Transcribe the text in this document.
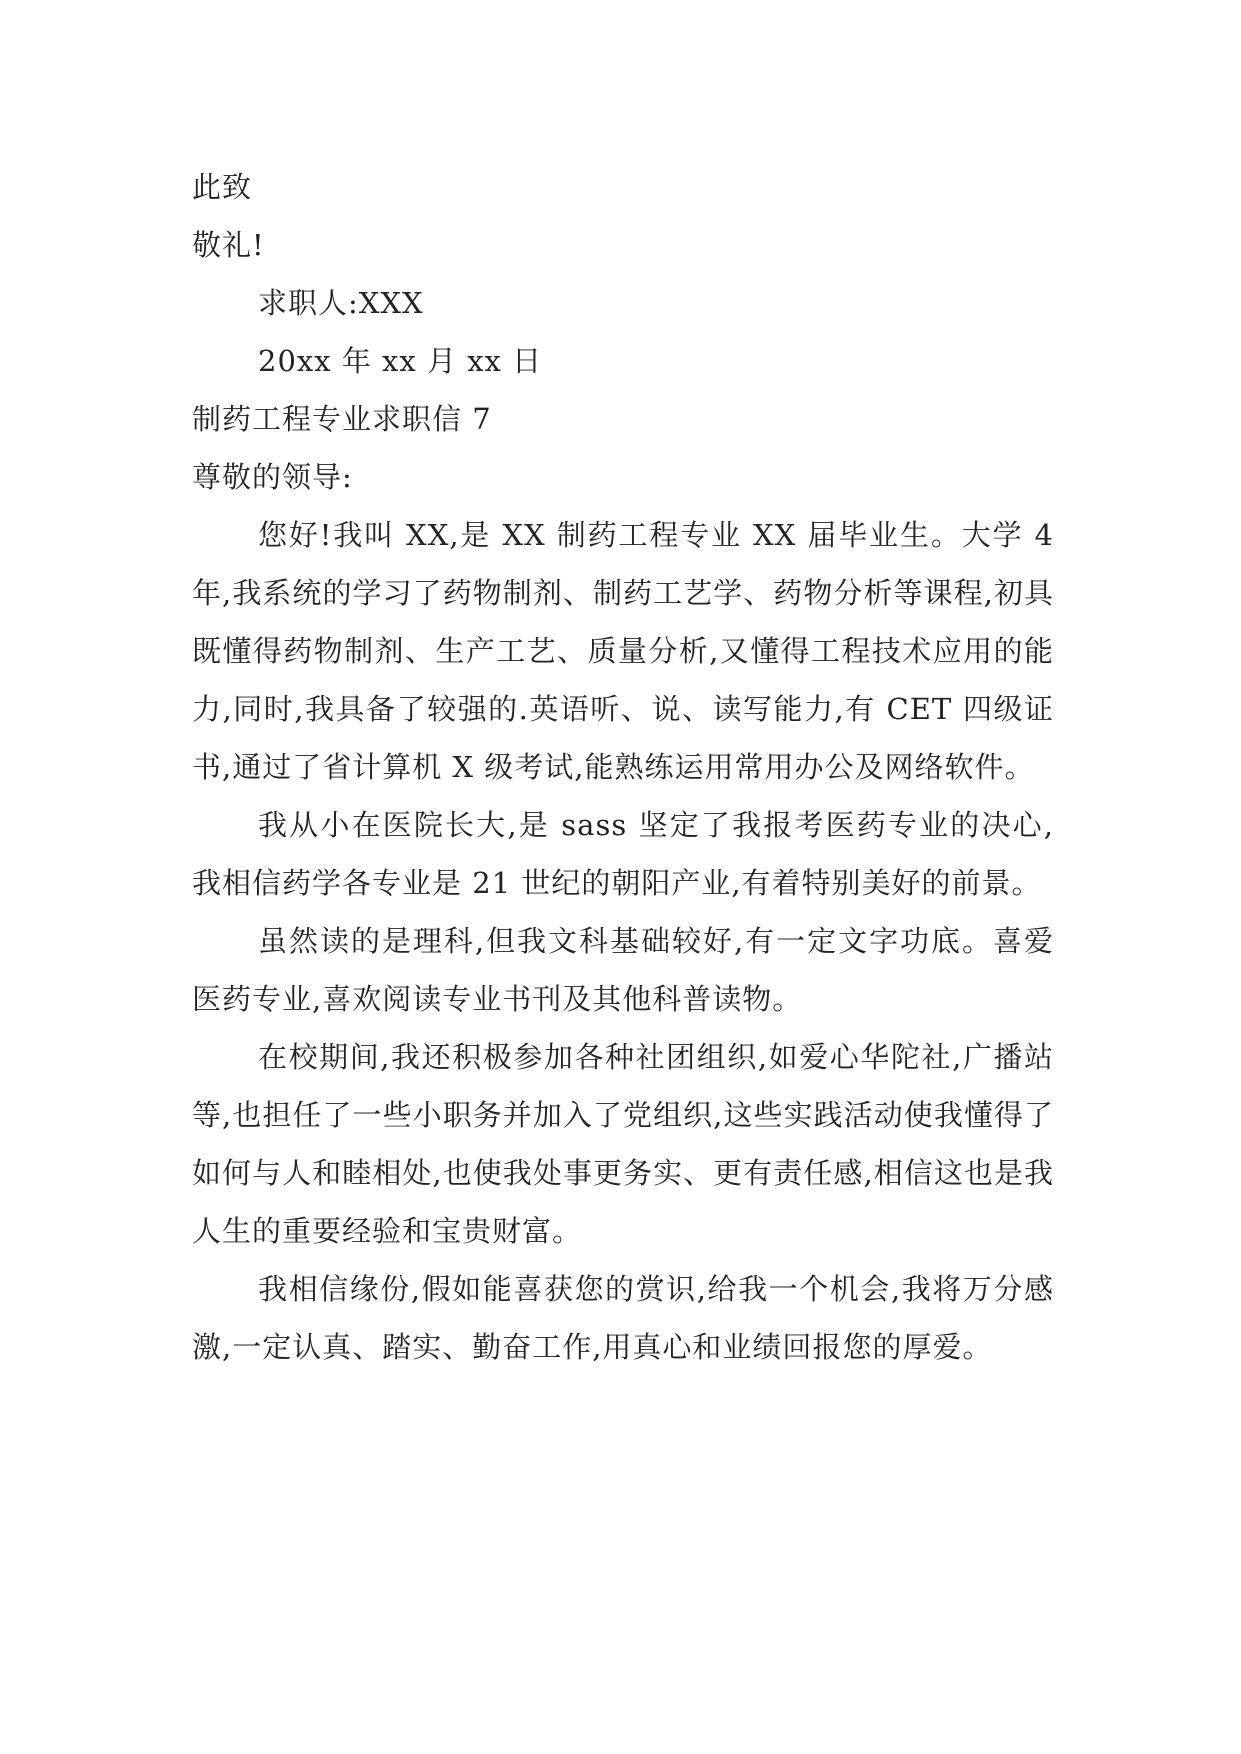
此致

敬礼!

求职人:XXX

20xx 年 xx 月 xx 日

制药工程专业求职信 7

尊敬的领导:

您好!我叫 XX,是 XX 制药工程专业 XX 届毕业生。大学 4 年,我系统的学习了药物制剂、制药工艺学、药物分析等课程,初具既懂得药物制剂、生产工艺、质量分析,又懂得工程技术应用的能力,同时,我具备了较强的.英语听、说、读写能力,有 CET 四级证书,通过了省计算机 X 级考试,能熟练运用常用办公及网络软件。

我从小在医院长大,是 sass 坚定了我报考医药专业的决心,我相信药学各专业是 21 世纪的朝阳产业,有着特别美好的前景。

虽然读的是理科,但我文科基础较好,有一定文字功底。喜爱医药专业,喜欢阅读专业书刊及其他科普读物。

在校期间,我还积极参加各种社团组织,如爱心华陀社,广播站等,也担任了一些小职务并加入了党组织,这些实践活动使我懂得了如何与人和睦相处,也使我处事更务实、更有责任感,相信这也是我人生的重要经验和宝贵财富。

我相信缘份,假如能喜获您的赏识,给我一个机会,我将万分感激,一定认真、踏实、勤奋工作,用真心和业绩回报您的厚爱。
